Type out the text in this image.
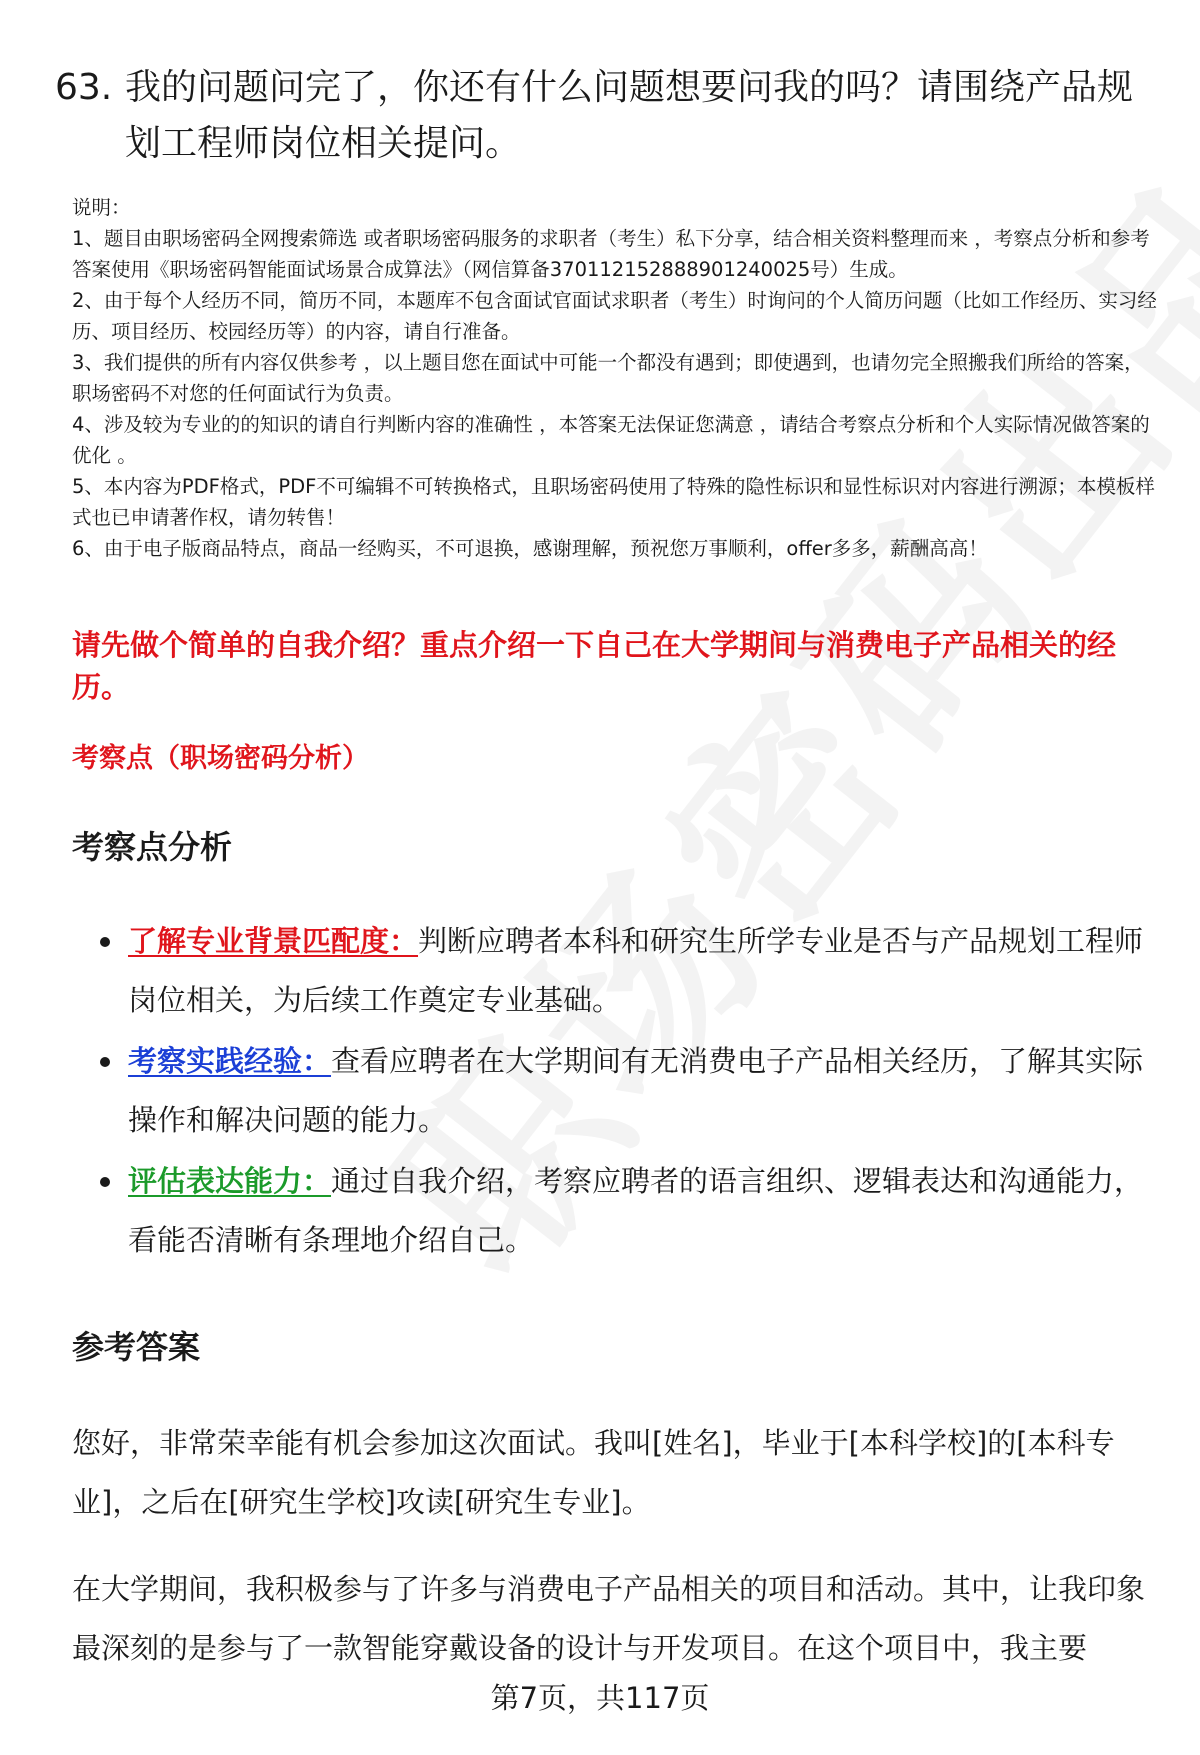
63. 我的问题问完了，你还有什么问题想要问我的吗？请围绕产品规划工程师岗位相关提问。

说明：

1、题目由职场密码全网搜索筛选 或者职场密码服务的求职者（考生）私下分享，结合相关资料整理而来 ，考察点分析和参考答案使用《职场密码智能面试场景合成算法》（网信算备370112152888901240025号）生成。

2、由于每个人经历不同，简历不同，本题库不包含面试官面试求职者（考生）时询问的个人简历问题（比如工作经历、实习经历、项目经历、校园经历等）的内容，请自行准备。

3、我们提供的所有内容仅供参考 ，以上题目您在面试中可能一个都没有遇到；即使遇到，也请勿完全照搬我们所给的答案，职场密码不对您的任何面试行为负责。

4、涉及较为专业的的知识的请自行判断内容的准确性 ，本答案无法保证您满意 ，请结合考察点分析和个人实际情况做答案的优化 。

5、本内容为PDF格式，PDF不可编辑不可转换格式，且职场密码使用了特殊的隐性标识和显性标识对内容进行溯源；本模板样式也已申请著作权，请勿转售！

6、由于电子版商品特点，商品一经购买，不可退换，感谢理解，预祝您万事顺利，offer多多，薪酬高高！

请先做个简单的自我介绍？重点介绍一下自己在大学期间与消费电子产品相关的经历。
考察点（职场密码分析）
考察点分析
了解专业背景匹配度：判断应聘者本科和研究生所学专业是否与产品规划工程师岗位相关，为后续工作奠定专业基础。
考察实践经验：查看应聘者在大学期间有无消费电子产品相关经历，了解其实际操作和解决问题的能力。
评估表达能力：通过自我介绍，考察应聘者的语言组织、逻辑表达和沟通能力，看能否清晰有条理地介绍自己。
参考答案

您好，非常荣幸能有机会参加这次面试。我叫[姓名]，毕业于[本科学校]的[本科专业]，之后在[研究生学校]攻读[研究生专业]。

在大学期间，我积极参与了许多与消费电子产品相关的项目和活动。其中，让我印象最深刻的是参与了一款智能穿戴设备的设计与开发项目。在这个项目中，我主要

第7页，共117页
